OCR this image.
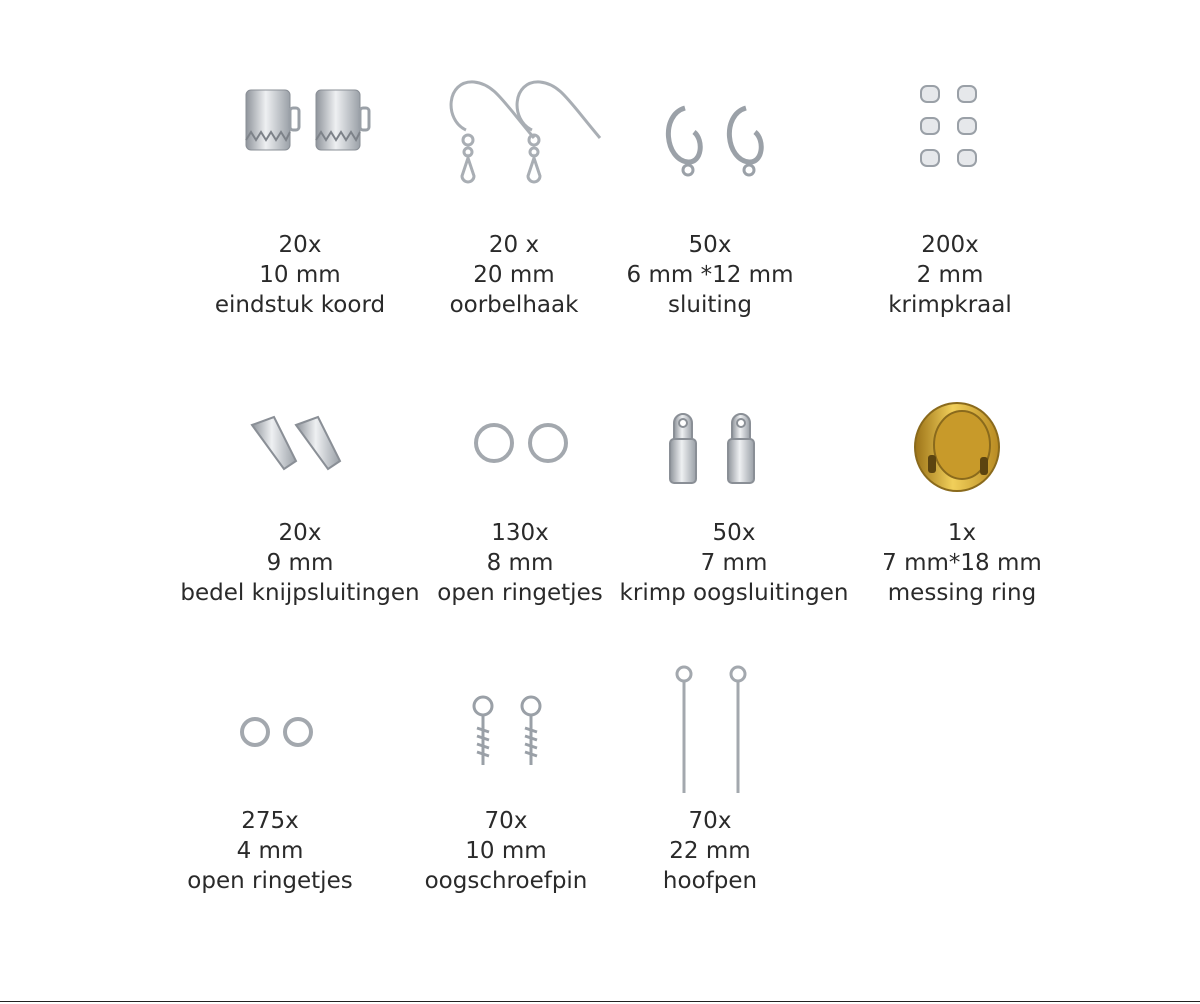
20x
10 mm
eindstuk koord
20 x
20 mm
oorbelhaak
50x
6 mm *12 mm
sluiting
200x
2 mm
krimpkraal
20x
9 mm
bedel knijpsluitingen
130x
8 mm
open ringetjes
50x
7 mm
krimp oogsluitingen
1x
7 mm*18 mm
messing ring
275x
4 mm
open ringetjes
70x
10 mm
oogschroefpin
70x
22 mm
hoofpen
